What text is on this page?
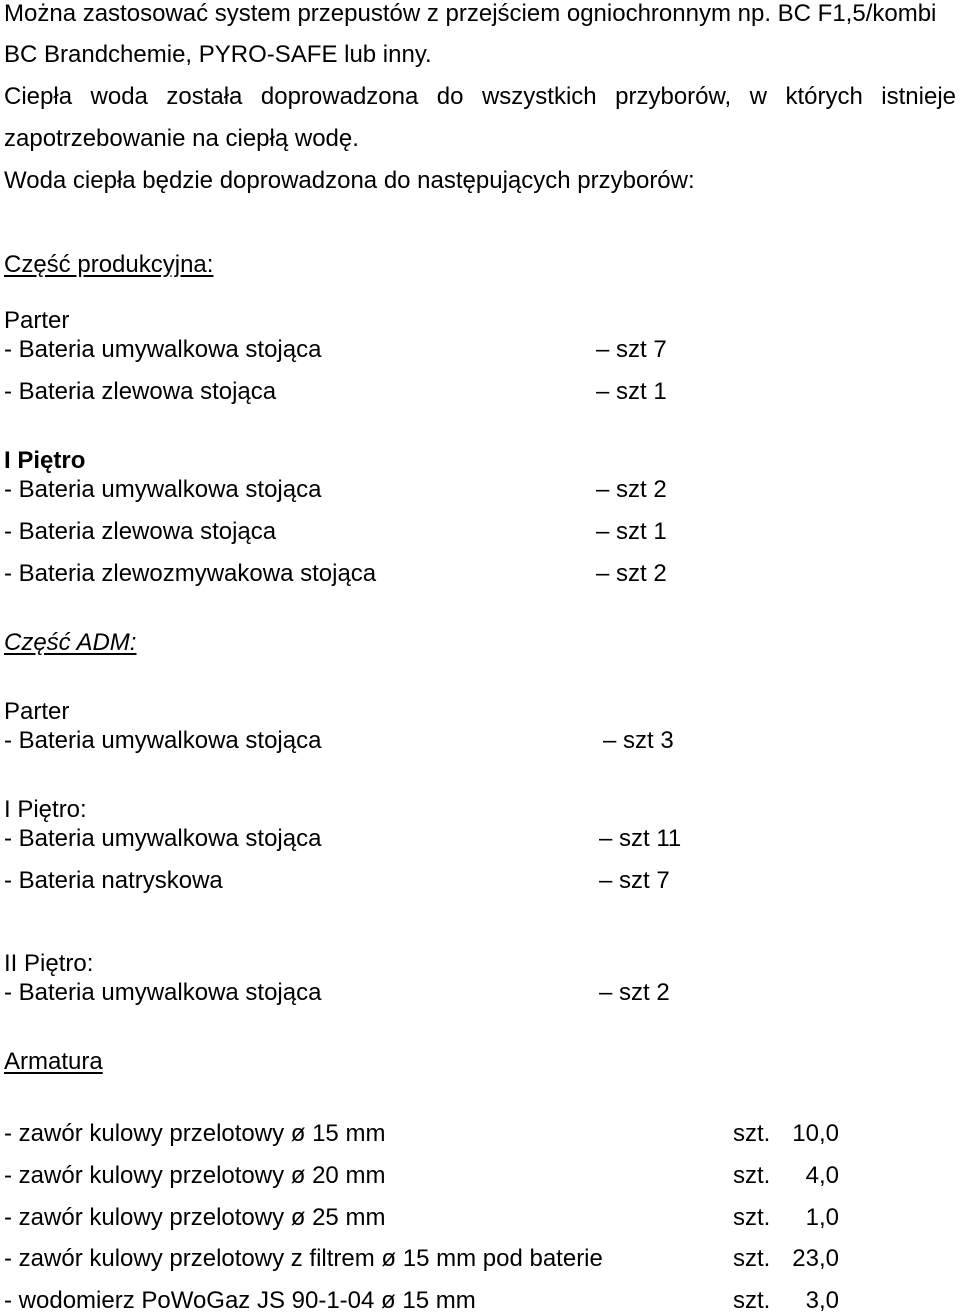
Można zastosować system przepustów z przejściem ogniochronnym np. BC F1,5/kombi
BC Brandchemie, PYRO-SAFE lub inny.
Ciepła woda została doprowadzona do wszystkich przyborów, w których istnieje
zapotrzebowanie na ciepłą wodę.
Woda ciepła będzie doprowadzona do następujących przyborów:
Część produkcyjna:
Parter
- Bateria umywalkowa stojąca	– szt 7
- Bateria zlewowa stojąca	– szt 1
I Piętro
- Bateria umywalkowa stojąca	– szt 2
- Bateria zlewowa stojąca	– szt 1
- Bateria zlewozmywakowa stojąca	– szt 2
Część ADM:
Parter
- Bateria umywalkowa stojąca	– szt 3
I Piętro:
- Bateria umywalkowa stojąca	– szt 11
- Bateria natryskowa	– szt 7
II Piętro:
- Bateria umywalkowa stojąca	– szt 2
Armatura
- zawór kulowy przelotowy ø 15 mm	szt. 10,0
- zawór kulowy przelotowy ø 20 mm	szt.	4,0
- zawór kulowy przelotowy ø 25 mm	szt.	1,0
- zawór kulowy przelotowy z filtrem ø 15 mm pod baterie	szt. 23,0
- wodomierz PoWoGaz JS 90-1-04 ø 15 mm	szt.	3,0
